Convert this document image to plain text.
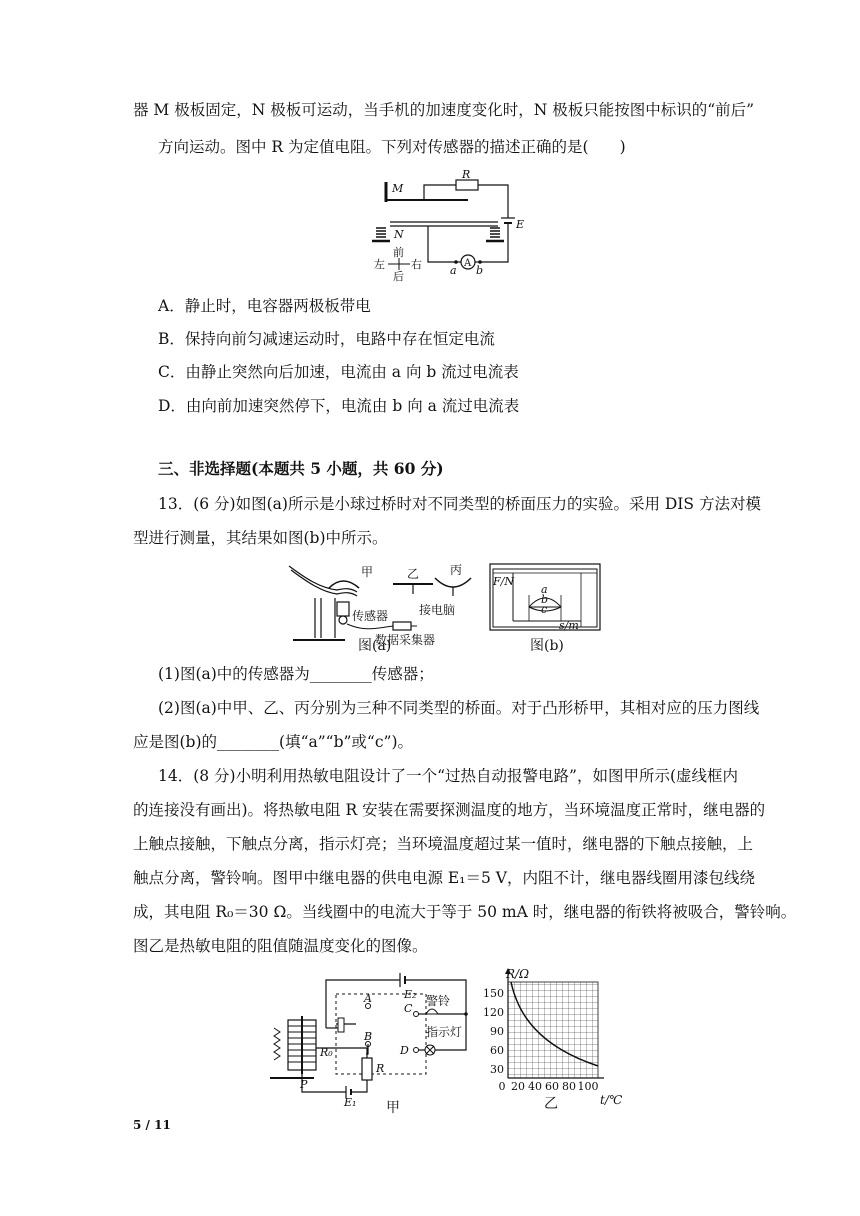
器 M 极板固定，N 极板可运动，当手机的加速度变化时，N 极板只能按图中标识的“前后”
方向运动。图中 R 为定值电阻。下列对传感器的描述正确的是(　　)
M
R
E
N
A
a b
前
后
左 右
A．静止时，电容器两极板带电
B．保持向前匀减速运动时，电路中存在恒定电流
C．由静止突然向后加速，电流由 a 向 b 流过电流表
D．由向前加速突然停下，电流由 b 向 a 流过电流表
三、非选择题(本题共 5 小题，共 60 分)
13．(6 分)如图(a)所示是小球过桥时对不同类型的桥面压力的实验。采用 DIS 方法对模
型进行测量，其结果如图(b)中所示。
甲
传感器	接电脑
数据采集器
乙	丙
图(a)
F/N
s/m
a
b
c
图(b)
(1)图(a)中的传感器为________传感器；
(2)图(a)中甲、乙、丙分别为三种不同类型的桥面。对于凸形桥甲，其相对应的压力图线
应是图(b)的________(填“a”“b”或“c”)。
14．(8 分)小明利用热敏电阻设计了一个“过热自动报警电路”，如图甲所示(虚线框内
的连接没有画出)。将热敏电阻 R 安装在需要探测温度的地方，当环境温度正常时，继电器的
上触点接触，下触点分离，指示灯亮；当环境温度超过某一值时，继电器的下触点接触，上
触点分离，警铃响。图甲中继电器的供电电源 E₁＝5 V，内阻不计，继电器线圈用漆包线绕
成，其电阻 R₀＝30 Ω。当线圈中的电流大于等于 50 mA 时，继电器的衔铁将被吸合，警铃响。
图乙是热敏电阻的阻值随温度变化的图像。
E₂
A
B
C
D
警铃
指示灯
R₀
P
R
E₁ 甲
R/Ω
150
120
90
60
30
0 20 40 60 80 100
t/℃
乙
5 / 11
